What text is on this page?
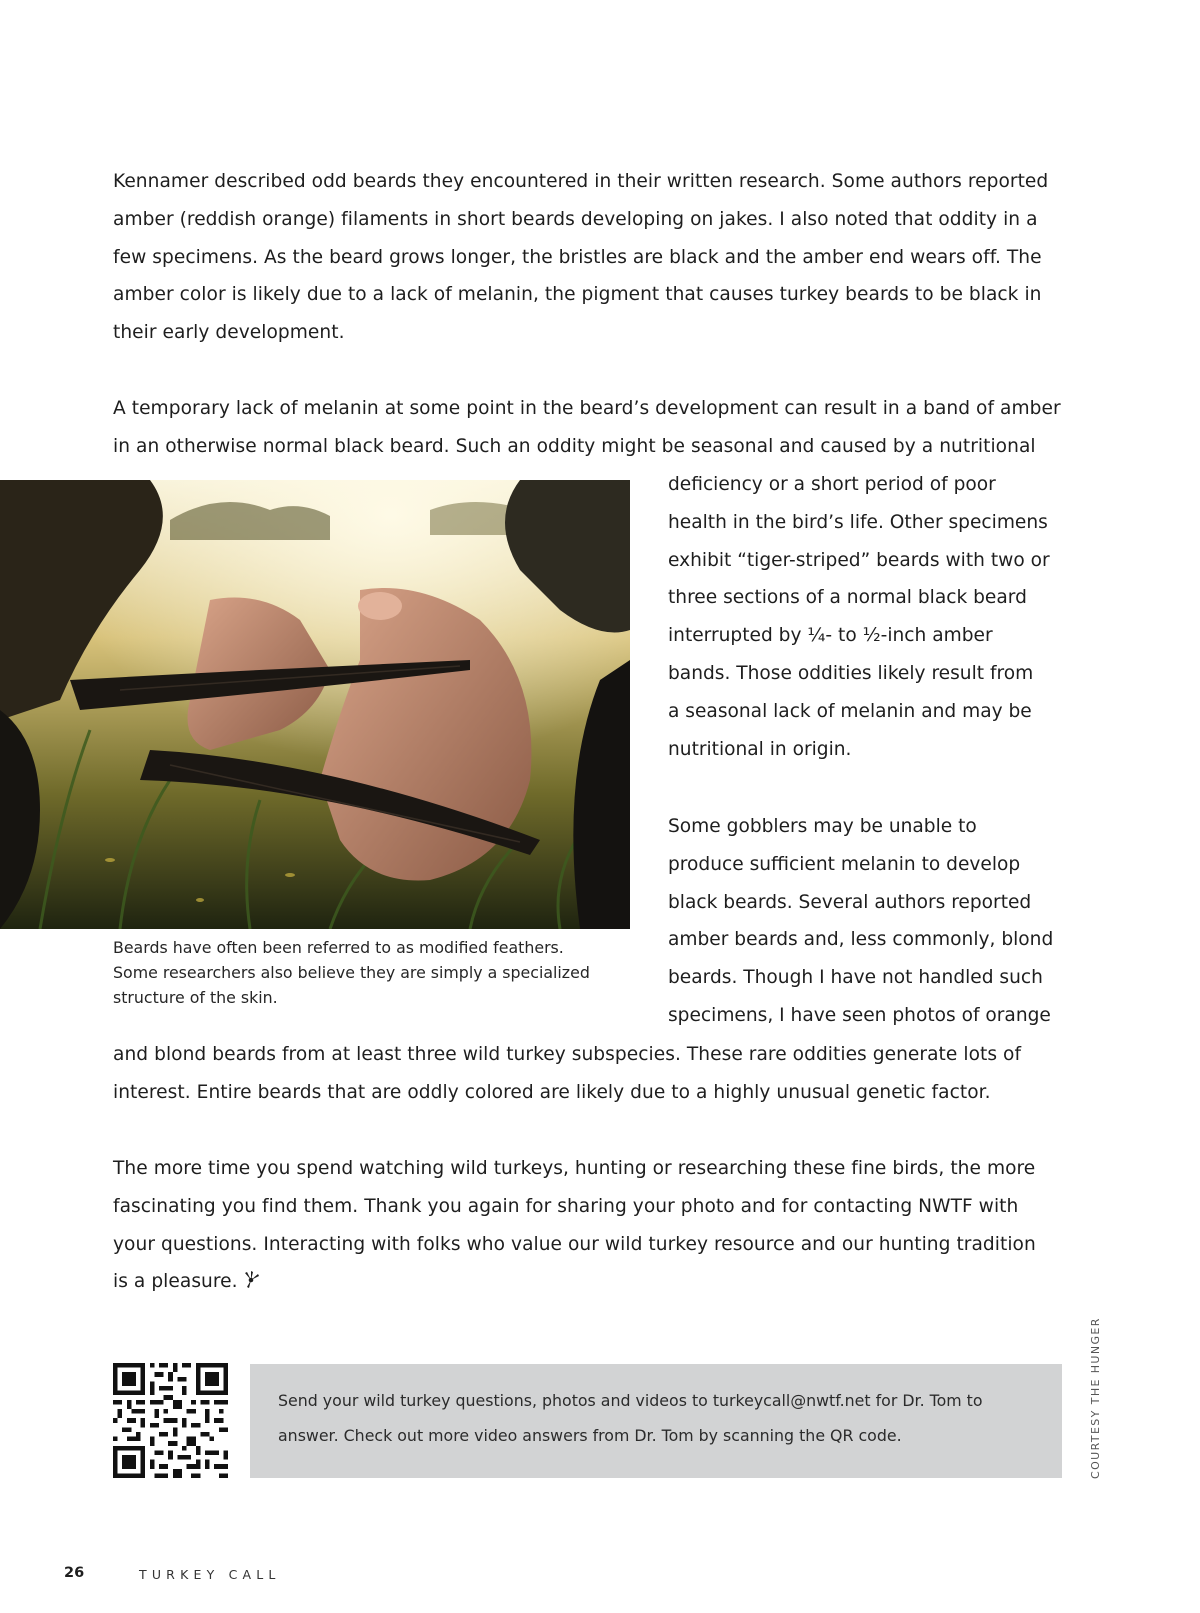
Kennamer described odd beards they encountered in their written research. Some authors reported
amber (reddish orange) filaments in short beards developing on jakes. I also noted that oddity in a
few specimens. As the beard grows longer, the bristles are black and the amber end wears off. The
amber color is likely due to a lack of melanin, the pigment that causes turkey beards to be black in
their early development.
A temporary lack of melanin at some point in the beard’s development can result in a band of amber
in an otherwise normal black beard. Such an oddity might be seasonal and caused by a nutritional
Beards have often been referred to as modified feathers.
Some researchers also believe they are simply a specialized
structure of the skin.
deficiency or a short period of poor
health in the bird’s life. Other specimens
exhibit “tiger-striped” beards with two or
three sections of a normal black beard
interrupted by ¼- to ½-inch amber
bands. Those oddities likely result from
a seasonal lack of melanin and may be
nutritional in origin.
Some gobblers may be unable to
produce sufficient melanin to develop
black beards. Several authors reported
amber beards and, less commonly, blond
beards. Though I have not handled such
specimens, I have seen photos of orange
and blond beards from at least three wild turkey subspecies. These rare oddities generate lots of
interest. Entire beards that are oddly colored are likely due to a highly unusual genetic factor.
The more time you spend watching wild turkeys, hunting or researching these fine birds, the more
fascinating you find them. Thank you again for sharing your photo and for contacting NWTF with
your questions. Interacting with folks who value our wild turkey resource and our hunting tradition
is a pleasure.

Send your wild turkey questions, photos and videos to turkeycall@nwtf.net for Dr. Tom to
answer. Check out more video answers from Dr. Tom by scanning the QR code.	COURTESY THE HUNGER
26	TURKEY CALL
